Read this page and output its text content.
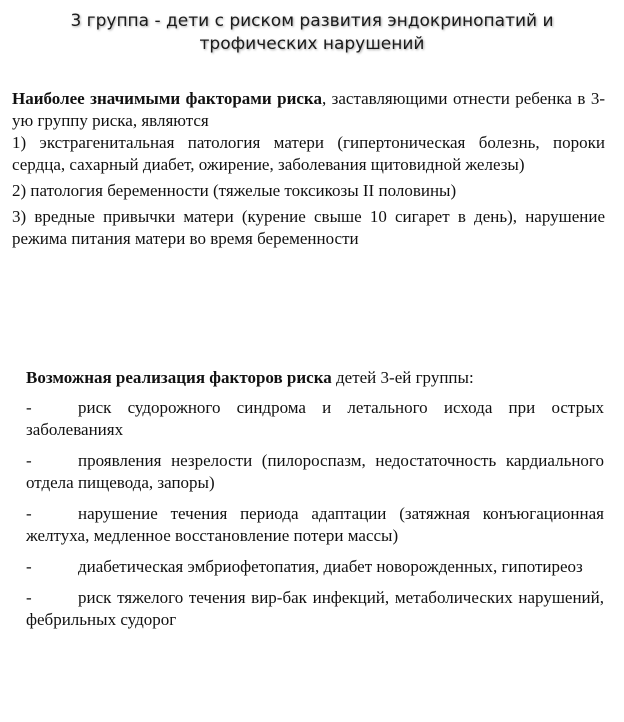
3 группа - дети с риском развития эндокринопатий и
трофических нарушений

Наиболее значимыми факторами риска, заставляющими отнести ребенка в 3-ую группу риска, являются

1) экстрагенитальная патология матери (гипертоническая болезнь, пороки сердца, сахарный диабет, ожирение, заболевания щитовидной железы)

2) патология беременности (тяжелые токсикозы II половины)

3) вредные привычки матери (курение свыше 10 сигарет в день), нарушение режима питания матери во время беременности

Возможная реализация факторов риска детей 3-ей группы:

-	риск судорожного синдрома и летального исхода при острых заболеваниях

-	проявления незрелости (пилороспазм, недостаточность кардиального отдела пищевода, запоры)

-	нарушение течения периода адаптации (затяжная конъюгационная желтуха, медленное восстановление потери массы)

-	диабетическая эмбриофетопатия, диабет новорожденных, гипотиреоз

-	риск тяжелого течения вир-бак инфекций, метаболических нарушений, фебрильных судорог
